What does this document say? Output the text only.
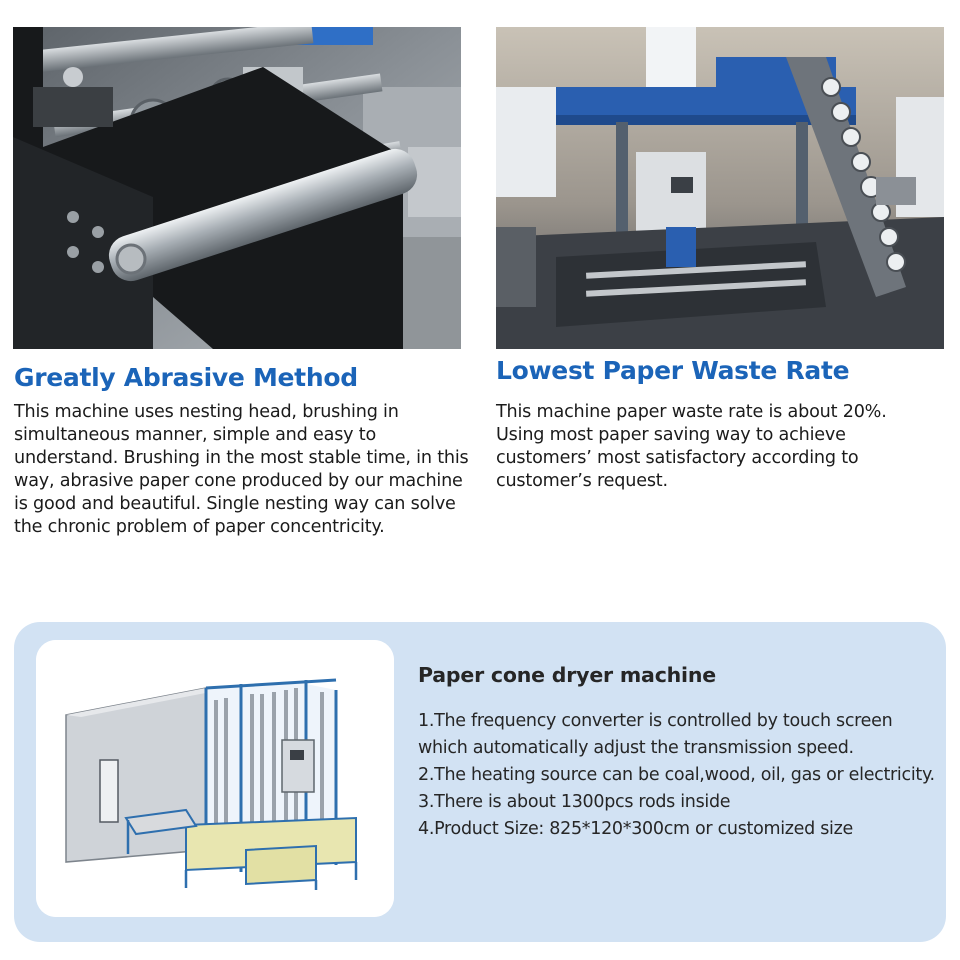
Greatly Abrasive Method
This machine uses nesting head, brushing in simultaneous manner, simple and easy to understand. Brushing in the most stable time, in this way, abrasive paper cone produced by our machine is good and beautiful. Single nesting way can solve the chronic problem of paper concentricity.
Lowest Paper Waste Rate
This machine paper waste rate is about 20%. Using most paper saving way to achieve customers’ most satisfactory according to customer’s request.
Paper cone dryer machine
1.The frequency converter is controlled by touch screen which automatically adjust the transmission speed.
2.The heating source can be coal,wood, oil, gas or electricity.
3.There is about 1300pcs rods inside
4.Product Size: 825*120*300cm or customized size
